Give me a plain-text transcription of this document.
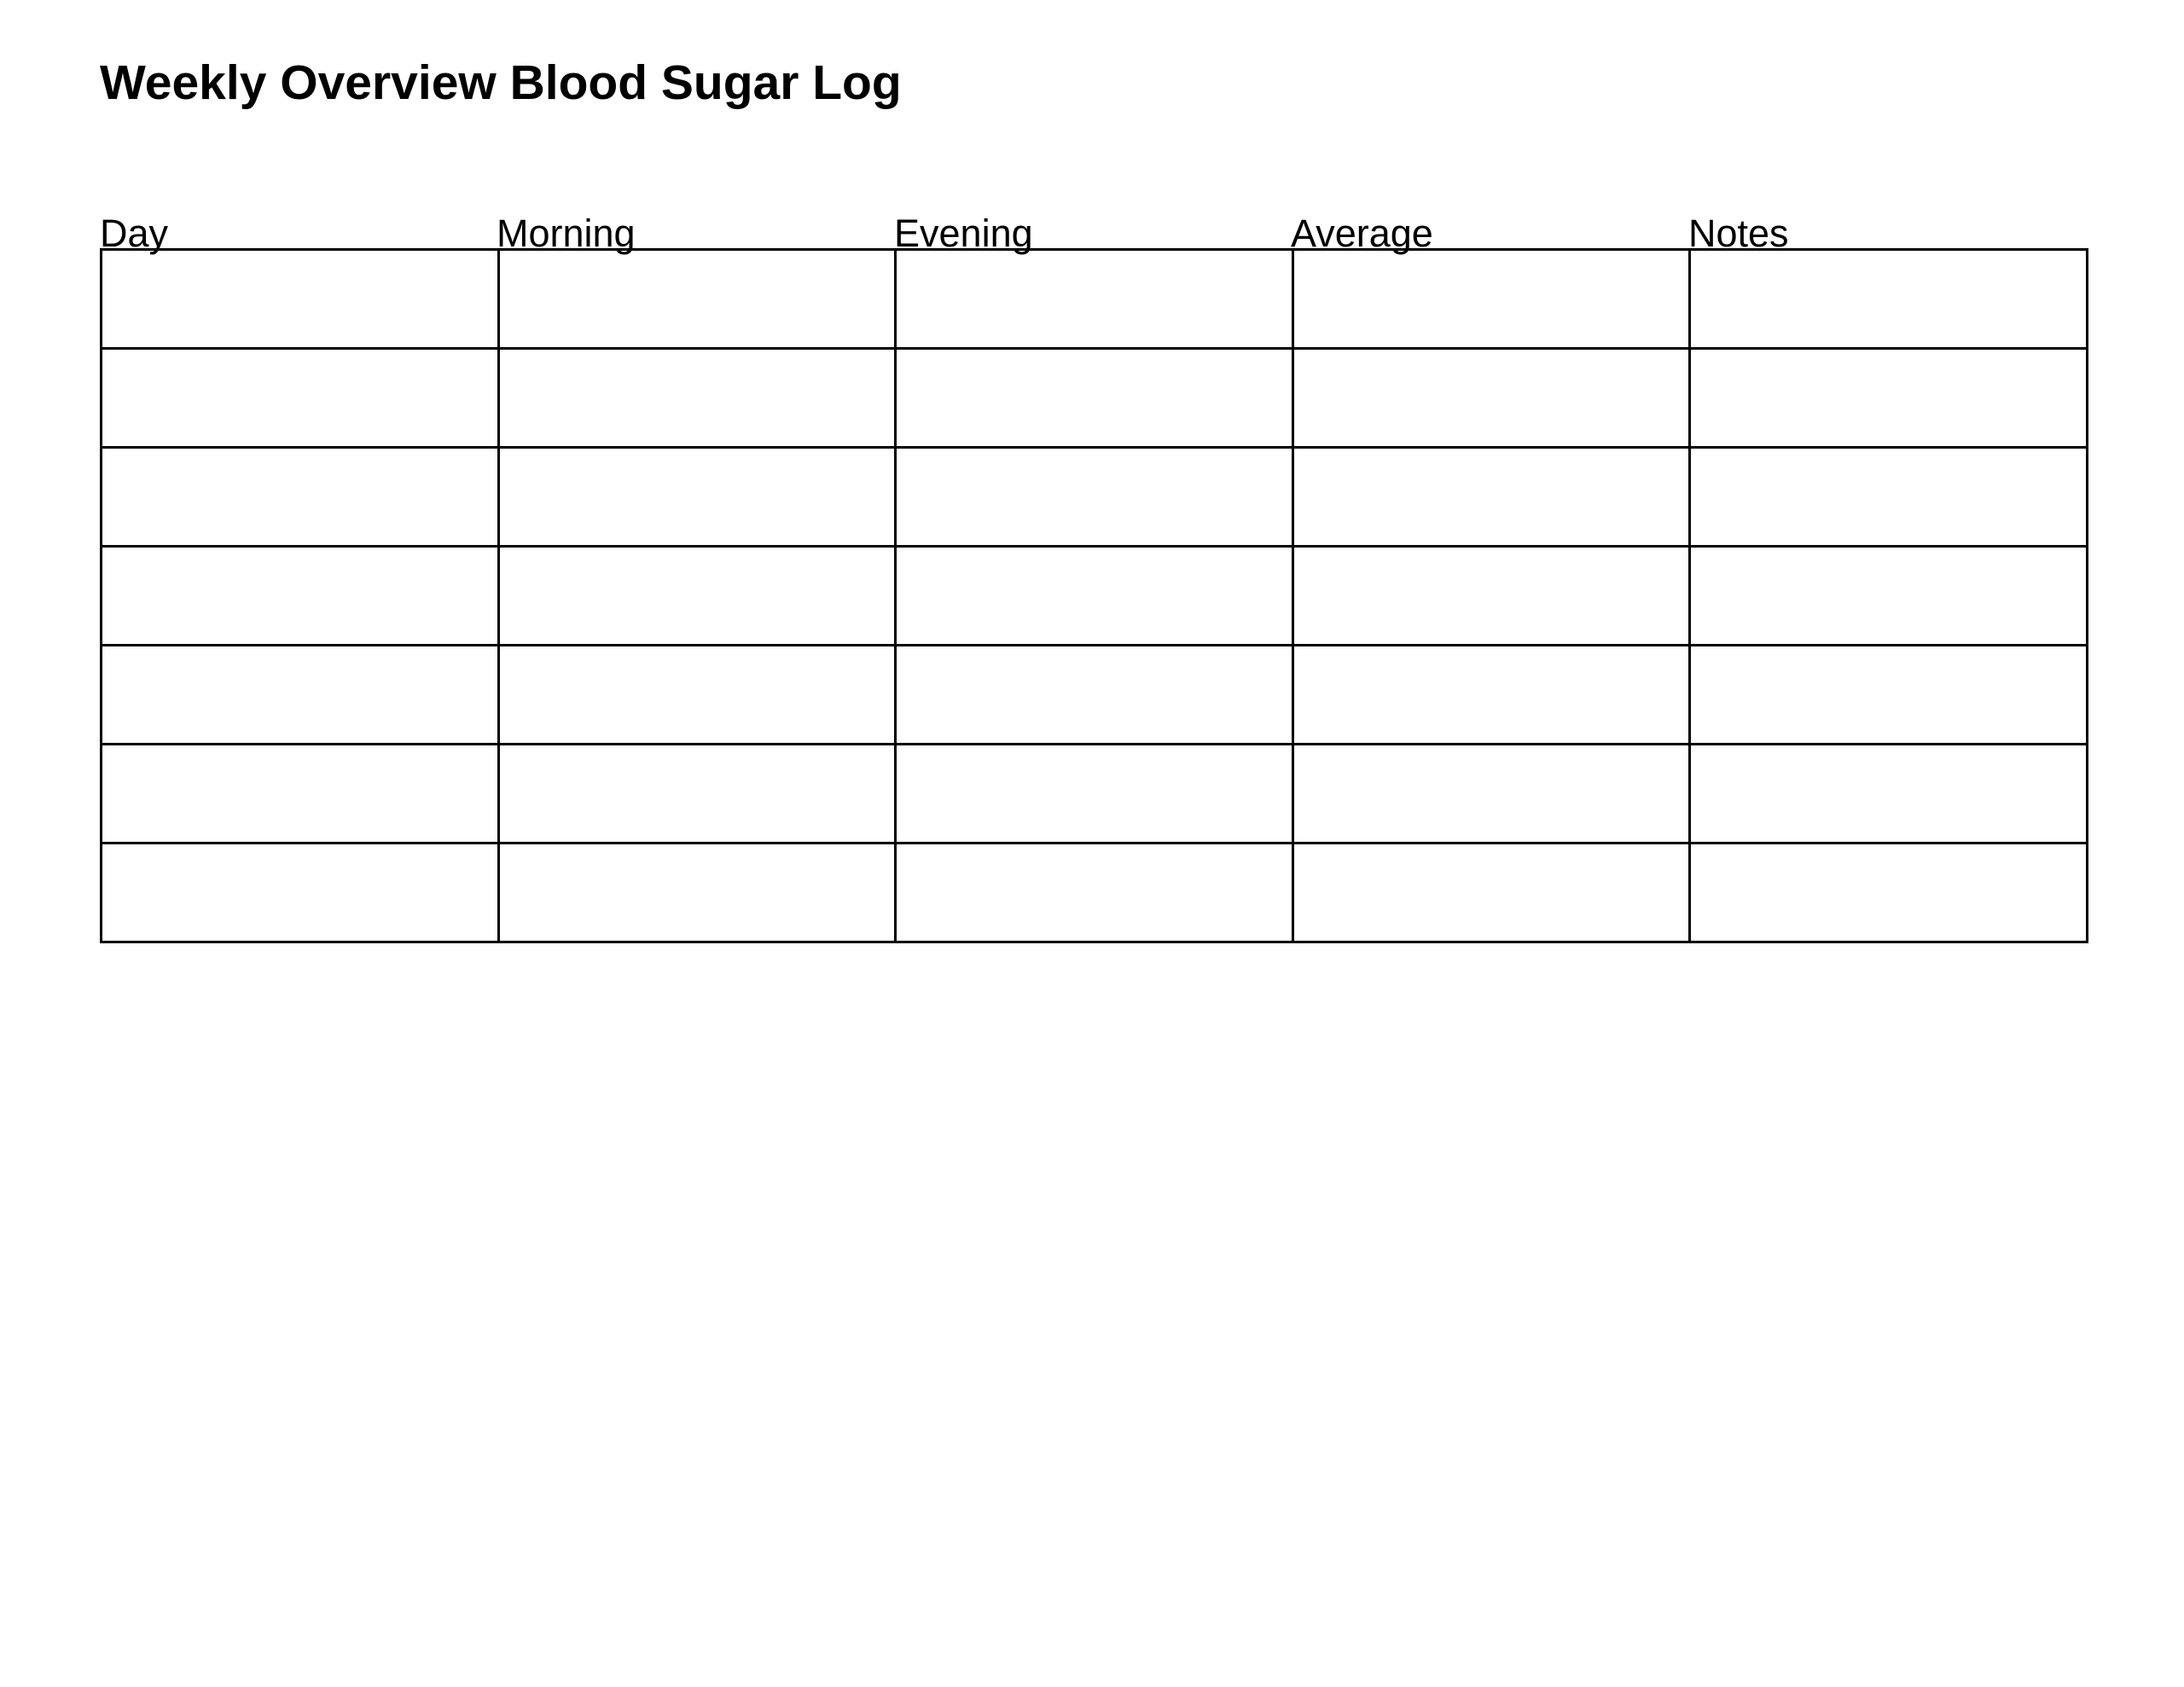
Weekly Overview Blood Sugar Log
Day	Morning	Evening	Average	Notes
